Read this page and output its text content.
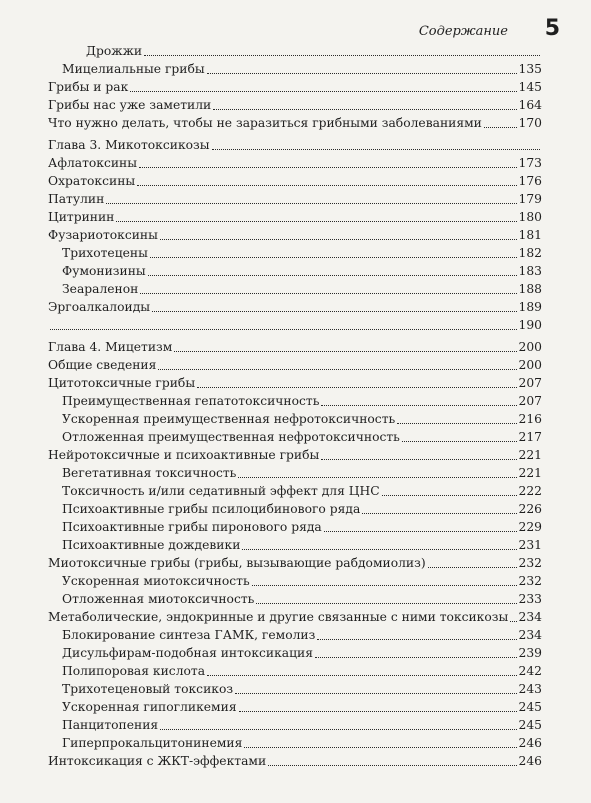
Содержание 5
Дрожжи
Мицелиальные грибы	135
Грибы и рак	145
Грибы нас уже заметили	164
Что нужно делать, чтобы не заразиться грибными заболеваниями	170
Глава 3. Микотоксикозы
Афлатоксины	173
Охратоксины	176
Патулин	179
Цитринин	180
Фузариотоксины	181
Трихотецены	182
Фумонизины	183
Зеараленон	188
Эргоалкалоиды	189
190
Глава 4. Мицетизм	200
Общие сведения	200
Цитотоксичные грибы	207
Преимущественная гепатотоксичность	207
Ускоренная преимущественная нефротоксичность	216
Отложенная преимущественная нефротоксичность	217
Нейротоксичные и психоактивные грибы	221
Вегетативная токсичность	221
Токсичность и/или седативный эффект для ЦНС	222
Психоактивные грибы псилоцибинового ряда	226
Психоактивные грибы пиронового ряда	229
Психоактивные дождевики	231
Миотоксичные грибы (грибы, вызывающие рабдомиолиз)	232
Ускоренная миотоксичность	232
Отложенная миотоксичность	233
Метаболические, эндокринные и другие связанные с ними токсикозы 234
Блокирование синтеза ГАМК, гемолиз	234
Дисульфирам-подобная интоксикация	239
Полипоровая кислота	242
Трихотеценовый токсикоз	243
Ускоренная гипогликемия	245
Панцитопения	245
Гиперпрокальцитонинемия	246
Интоксикация с ЖКТ-эффектами	246
